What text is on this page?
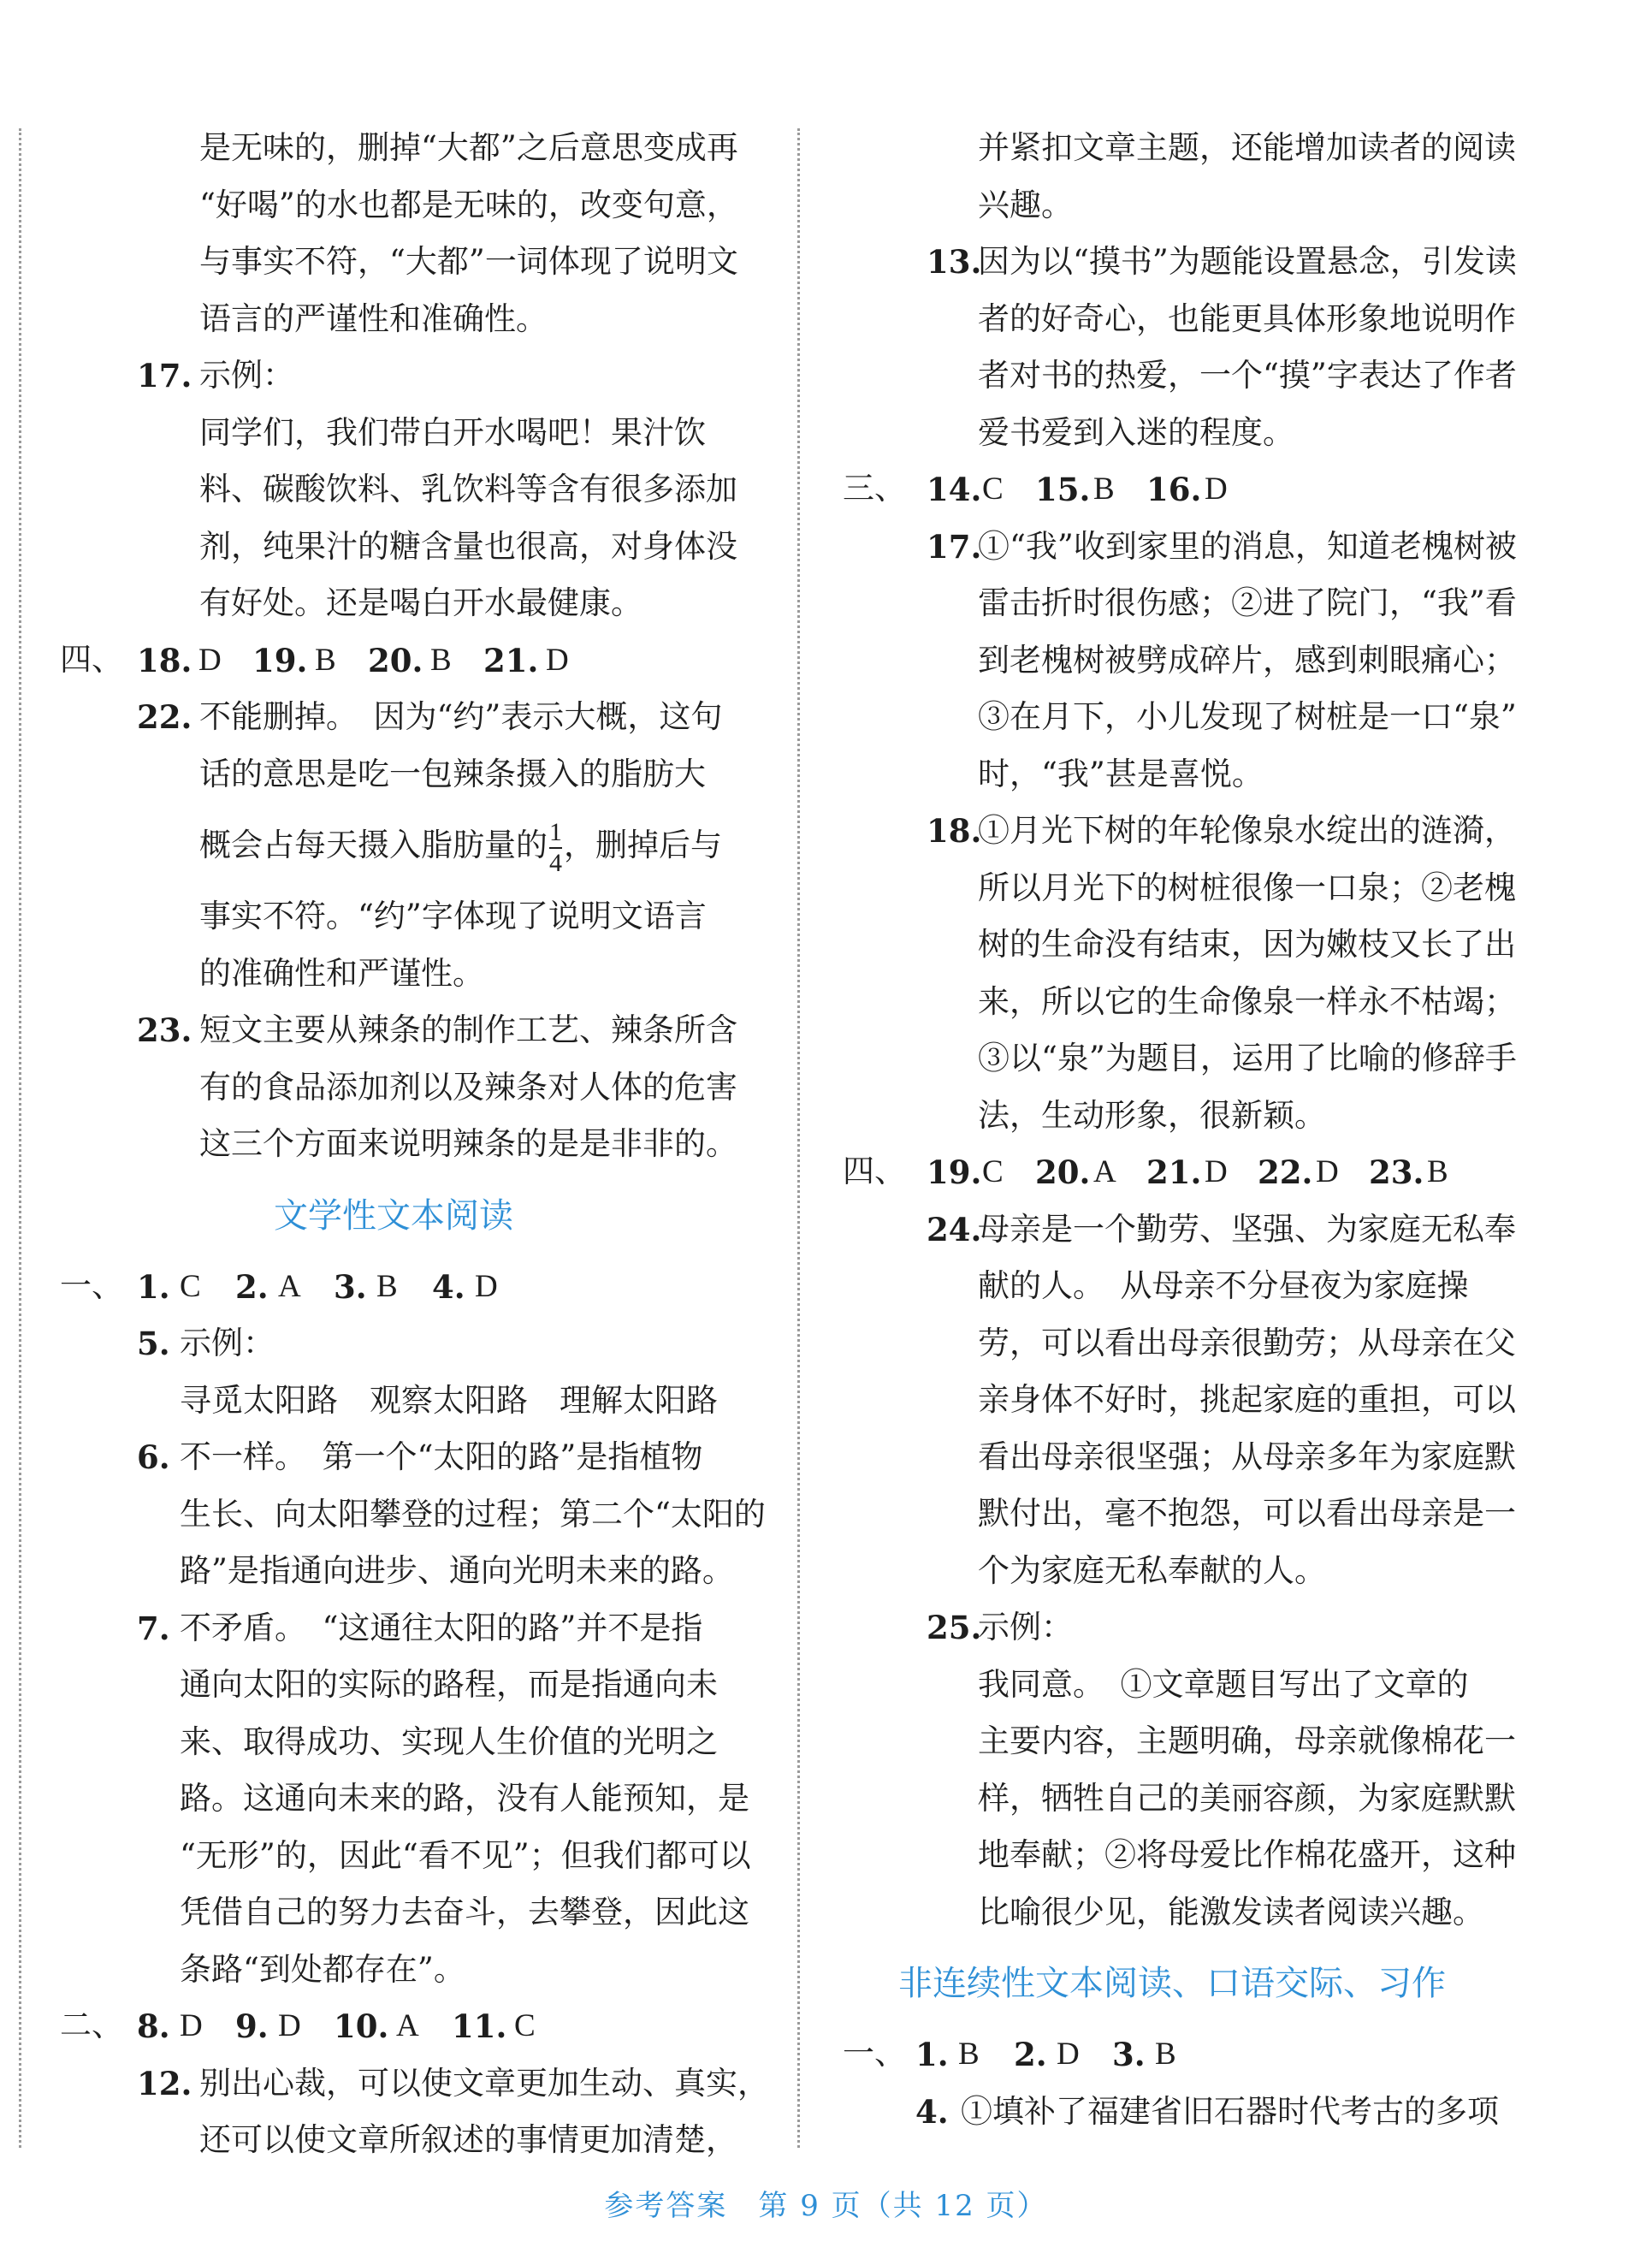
是无味的，删掉“大都”之后意思变成再
“好喝”的水也都是无味的，改变句意，
与事实不符，“大都”一词体现了说明文
语言的严谨性和准确性。
17. 示例：
同学们，我们带白开水喝吧！果汁饮
料、碳酸饮料、乳饮料等含有很多添加
剂，纯果汁的糖含量也很高，对身体没
有好处。还是喝白开水最健康。
四、 18. D 19. B 20. B 21. D
22. 不能删掉。　因为“约”表示大概，这句
话的意思是吃一包辣条摄入的脂肪大
概会占每天摄入脂肪量的 $\frac{1}{4}$ ，删掉后与
事实不符。“约”字体现了说明文语言
的准确性和严谨性。
23. 短文主要从辣条的制作工艺、辣条所含
有的食品添加剂以及辣条对人体的危害
这三个方面来说明辣条的是是非非的。
文学性文本阅读
一、 1. C 2. A 3. B 4. D
5. 示例：
寻觅太阳路　观察太阳路　理解太阳路
6. 不一样。　第一个“太阳的路”是指植物
生长、向太阳攀登的过程；第二个“太阳的
路”是指通向进步、通向光明未来的路。
7. 不矛盾。　“这通往太阳的路”并不是指
通向太阳的实际的路程，而是指通向未
来、取得成功、实现人生价值的光明之
路。这通向未来的路，没有人能预知，是
“无形”的，因此“看不见”；但我们都可以
凭借自己的努力去奋斗，去攀登，因此这
条路“到处都存在”。
二、 8. D 9. D 10. A 11. C
12. 别出心裁，可以使文章更加生动、真实，
还可以使文章所叙述的事情更加清楚，
并紧扣文章主题，还能增加读者的阅读
兴趣。
13.
因为以“摸书”为题能设置悬念，引发读
者的好奇心，也能更具体形象地说明作
者对书的热爱，一个“摸”字表达了作者
爱书爱到入迷的程度。
三、 14. C 15. B 16. D
17.
①“我”收到家里的消息，知道老槐树被
雷击折时很伤感；②进了院门，“我”看
到老槐树被劈成碎片，感到刺眼痛心；
③在月下，小儿发现了树桩是一口“泉”
时，“我”甚是喜悦。
18.
①月光下树的年轮像泉水绽出的涟漪，
所以月光下的树桩很像一口泉；②老槐
树的生命没有结束，因为嫩枝又长了出
来，所以它的生命像泉一样永不枯竭；
③以“泉”为题目，运用了比喻的修辞手
法，生动形象，很新颖。
四、 19. C 20. A 21. D 22. D 23. B
24.
母亲是一个勤劳、坚强、为家庭无私奉
献的人。　从母亲不分昼夜为家庭操
劳，可以看出母亲很勤劳；从母亲在父
亲身体不好时，挑起家庭的重担，可以
看出母亲很坚强；从母亲多年为家庭默
默付出，毫不抱怨，可以看出母亲是一
个为家庭无私奉献的人。
25.
示例：
我同意。　①文章题目写出了文章的
主要内容，主题明确，母亲就像棉花一
样，牺牲自己的美丽容颜，为家庭默默
地奉献；②将母爱比作棉花盛开，这种
比喻很少见，能激发读者阅读兴趣。
非连续性文本阅读、口语交际、习作
一、 1. B 2. D 3. B
4. ①填补了福建省旧石器时代考古的多项
参考答案　第 9 页（共 12 页）
